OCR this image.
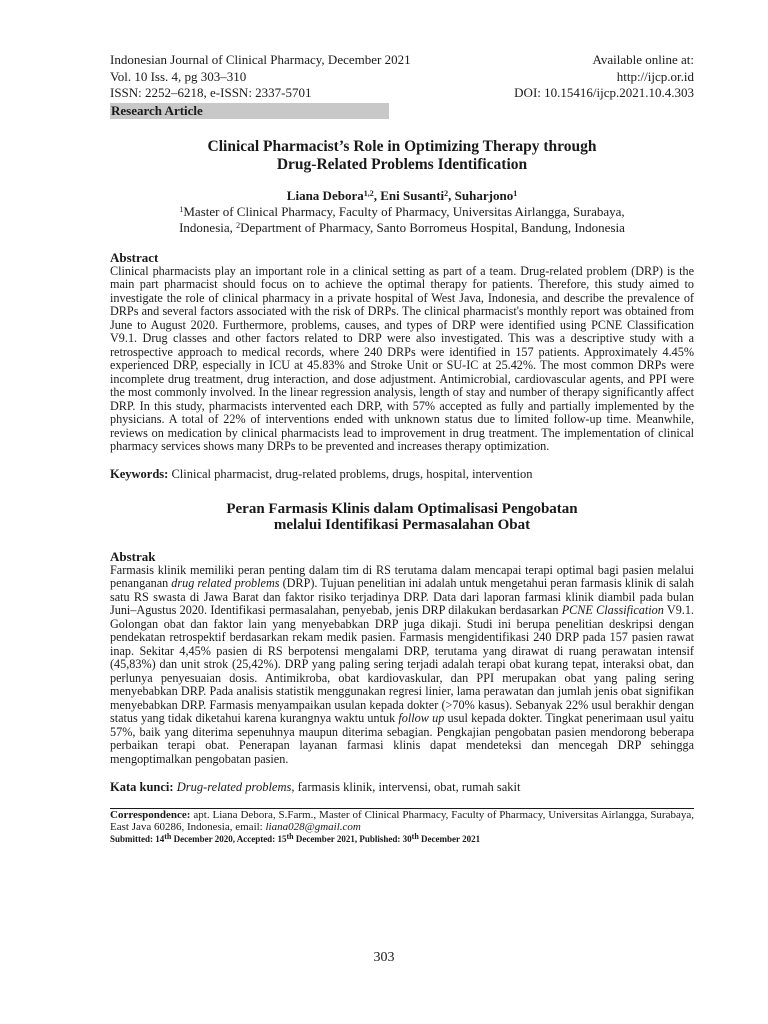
Indonesian Journal of Clinical Pharmacy, December 2021	Available online at:
Vol. 10 Iss. 4, pg 303–310	http://ijcp.or.id
ISSN: 2252–6218, e-ISSN: 2337-5701	DOI: 10.15416/ijcp.2021.10.4.303
Research Article
Clinical Pharmacist’s Role in Optimizing Therapy through
Drug-Related Problems Identification
Liana Debora$^{1,2}$, Eni Susanti$^2$, Suharjono$^1$
$^1$Master of Clinical Pharmacy, Faculty of Pharmacy, Universitas Airlangga, Surabaya,
Indonesia, $^2$Department of Pharmacy, Santo Borromeus Hospital, Bandung, Indonesia
Abstract
Clinical pharmacists play an important role in a clinical setting as part of a team. Drug-related problem (DRP) is the main part pharmacist should focus on to achieve the optimal therapy for patients. Therefore, this study aimed to investigate the role of clinical pharmacy in a private hospital of West Java, Indonesia, and describe the prevalence of DRPs and several factors associated with the risk of DRPs. The clinical pharmacist's monthly report was obtained from June to August 2020. Furthermore, problems, causes, and types of DRP were identified using PCNE Classification V9.1. Drug classes and other factors related to DRP were also investigated. This was a descriptive study with a retrospective approach to medical records, where 240 DRPs were identified in 157 patients. Approximately 4.45% experienced DRP, especially in ICU at 45.83% and Stroke Unit or SU-IC at 25.42%. The most common DRPs were incomplete drug treatment, drug interaction, and dose adjustment. Antimicrobial, cardiovascular agents, and PPI were the most commonly involved. In the linear regression analysis, length of stay and number of therapy significantly affect DRP. In this study, pharmacists intervented each DRP, with 57% accepted as fully and partially implemented by the physicians. A total of 22% of interventions ended with unknown status due to limited follow-up time. Meanwhile, reviews on medication by clinical pharmacists lead to improvement in drug treatment. The implementation of clinical pharmacy services shows many DRPs to be prevented and increases therapy optimization.
Keywords: Clinical pharmacist, drug-related problems, drugs, hospital, intervention
Peran Farmasis Klinis dalam Optimalisasi Pengobatan
melalui Identifikasi Permasalahan Obat
Abstrak
Farmasis klinik memiliki peran penting dalam tim di RS terutama dalam mencapai terapi optimal bagi pasien melalui penanganan drug related problems (DRP). Tujuan penelitian ini adalah untuk mengetahui peran farmasis klinik di salah satu RS swasta di Jawa Barat dan faktor risiko terjadinya DRP. Data dari laporan farmasi klinik diambil pada bulan Juni–Agustus 2020. Identifikasi permasalahan, penyebab, jenis DRP dilakukan berdasarkan PCNE Classification V9.1. Golongan obat dan faktor lain yang menyebabkan DRP juga dikaji. Studi ini berupa penelitian deskripsi dengan pendekatan retrospektif berdasarkan rekam medik pasien. Farmasis mengidentifikasi 240 DRP pada 157 pasien rawat inap. Sekitar 4,45% pasien di RS berpotensi mengalami DRP, terutama yang dirawat di ruang perawatan intensif (45,83%) dan unit strok (25,42%). DRP yang paling sering terjadi adalah terapi obat kurang tepat, interaksi obat, dan perlunya penyesuaian dosis. Antimikroba, obat kardiovaskular, dan PPI merupakan obat yang paling sering menyebabkan DRP. Pada analisis statistik menggunakan regresi linier, lama perawatan dan jumlah jenis obat signifikan menyebabkan DRP. Farmasis menyampaikan usulan kepada dokter (>70% kasus). Sebanyak 22% usul berakhir dengan status yang tidak diketahui karena kurangnya waktu untuk follow up usul kepada dokter. Tingkat penerimaan usul yaitu 57%, baik yang diterima sepenuhnya maupun diterima sebagian. Pengkajian pengobatan pasien mendorong beberapa perbaikan terapi obat. Penerapan layanan farmasi klinis dapat mendeteksi dan mencegah DRP sehingga mengoptimalkan pengobatan pasien.
Kata kunci: Drug-related problems, farmasis klinik, intervensi, obat, rumah sakit
Correspondence: apt. Liana Debora, S.Farm., Master of Clinical Pharmacy, Faculty of Pharmacy, Universitas Airlangga, Surabaya, East Java 60286, Indonesia, email: liana028@gmail.com
Submitted: 14th December 2020, Accepted: 15th December 2021, Published: 30th December 2021
303
